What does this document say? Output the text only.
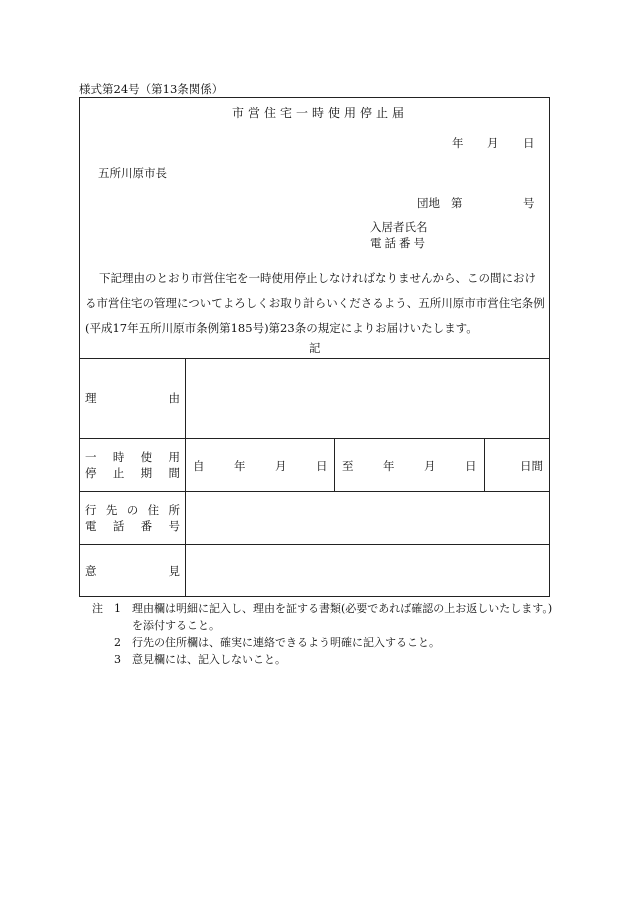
様式第24号（第13条関係）
市営住宅一時使用停止届
年 月 日
五所川原市長
団地 第	号
入居者氏名
電話番号

下記理由のとおり市営住宅を一時使用停止しなければなりませんから、この間における市営住宅の管理についてよろしくお取り計らいくださるよう、五所川原市市営住宅条例(平成17年五所川原市条例第185号)第23条の規定によりお届けいたします。

記
理	由
一 時 使 用
停 止 期 間 自	年	月	日 至	年	月	日	日間
行 先 の 住 所
電 話 番 号
意	見
注	1	理由欄は明細に記入し、理由を証する書類(必要であれば確認の上お返しいたします。)を添付すること。
2	行先の住所欄は、確実に連絡できるよう明確に記入すること。
3	意見欄には、記入しないこと。
